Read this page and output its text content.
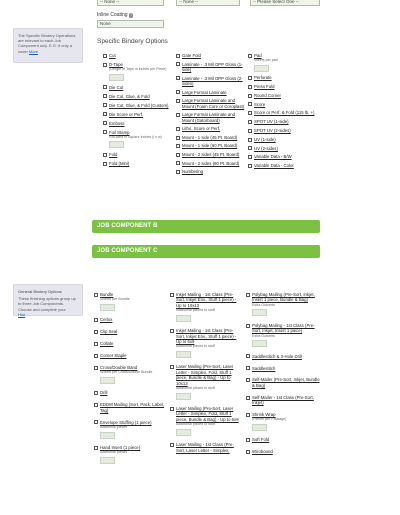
-- None --	-- None --	-- Please Select One --
Inline Coating ?
None
The Specific Bindery Operations are relevant to each Job Component only. E.G. if only a cover More
Specific Bindery Options
Cut
D-Tape
(Length of Tape in inches per Piece)
Die Cut
Die Cut, Glue, & Fold
Die Cut, Glue, & Fold (Custom)
Die Score or Perf.
Emboss
Foil Stamp
Foil Area in Square Inches (l x w)
Fold
Fold (Mini)
Gate Fold
Laminate - .3 Mil OPP Gloss (1-side)
Laminate - .3 Mil OPP Gloss (2-sides)
Large Format Laminate
Large Format Laminate and Mount (Foam Core or Coroplast)
Large Format Laminate and Mount (Gatorboard)
Litho, Score or Perf.
Mount - 1 side (45 Pt. Board)
Mount - 1 side (60 Pt. Board)
Mount - 2 sides (45 Pt. Board)
Mount - 2 sides (60 Pt. Board)
Numbering
Pad
sheets per pad
Perforate
Press Fold
Round Corner
Score
Score or Perf. & Fold (115 lb. +)
SPOT UV (1-side)
SPOT UV (2-sides)
UV (1-side)
UV (2-sides)
Variable Data - B/W
Variable Data - Color
JOB COMPONENT B
JOB COMPONENT C
General Bindery Options
These finishing options group up to three Job Components. Choose and complete your
Hint
Bundle
Sheets per Bundle
Cerlox
Clip Seal
Collate
Corner Staple
Cross/Double Band
Sheets per Cross/Double Bundle
Drill
EDDM Mailing (Sort, Pack, Label, Tag)
Envelope Stuffing (1 piece)
Additional pieces
Hand Insert (1 piece)
Additional pieces
Inkjet Mailing - 1st Class (Pre-Sort, Inkjet Env., Stuff 1 piece) - Up to 10x13
Additional pieces to stuff
Inkjet Mailing - 1st Class (Pre-Sort, Inkjet Env., Stuff 1 piece) - Up to 6x9
Additional pieces to stuff
Laser Mailing (Pre-Sort, Laser Letter - Simplex, Fold, Stuff 1 piece, Bundle & Bag) - Up to 10x13
Additional pieces to stuff
Laser Mailing (Pre-Sort, Laser Letter - Simplex, Fold, Stuff 1 piece, Bundle & Bag) - Up to 6x9
Additional pieces to stuff
Laser Mailing - 1st Class (Pre-Sort, Laser Letter - Simplex,
Polybag Mailing (Pre-Sort, Inkjet, Insert 1 piece, Bundle & Bag)
Extra Outserts
Polybag Mailing - 1st Class (Pre-Sort, Inkjet, Insert 1 piece)
Extra Outserts
Saddlestitch & 3-Hole Drill
Saddlestitch
Self-Mailer (Pre-Sort, Inkjet, Bundle & Bag)
Self-Mailer - 1st Class (Pre-Sort, Inkjet)
Shrink Wrap
(Pieces per Package)
Soft Fold
Wirobound
